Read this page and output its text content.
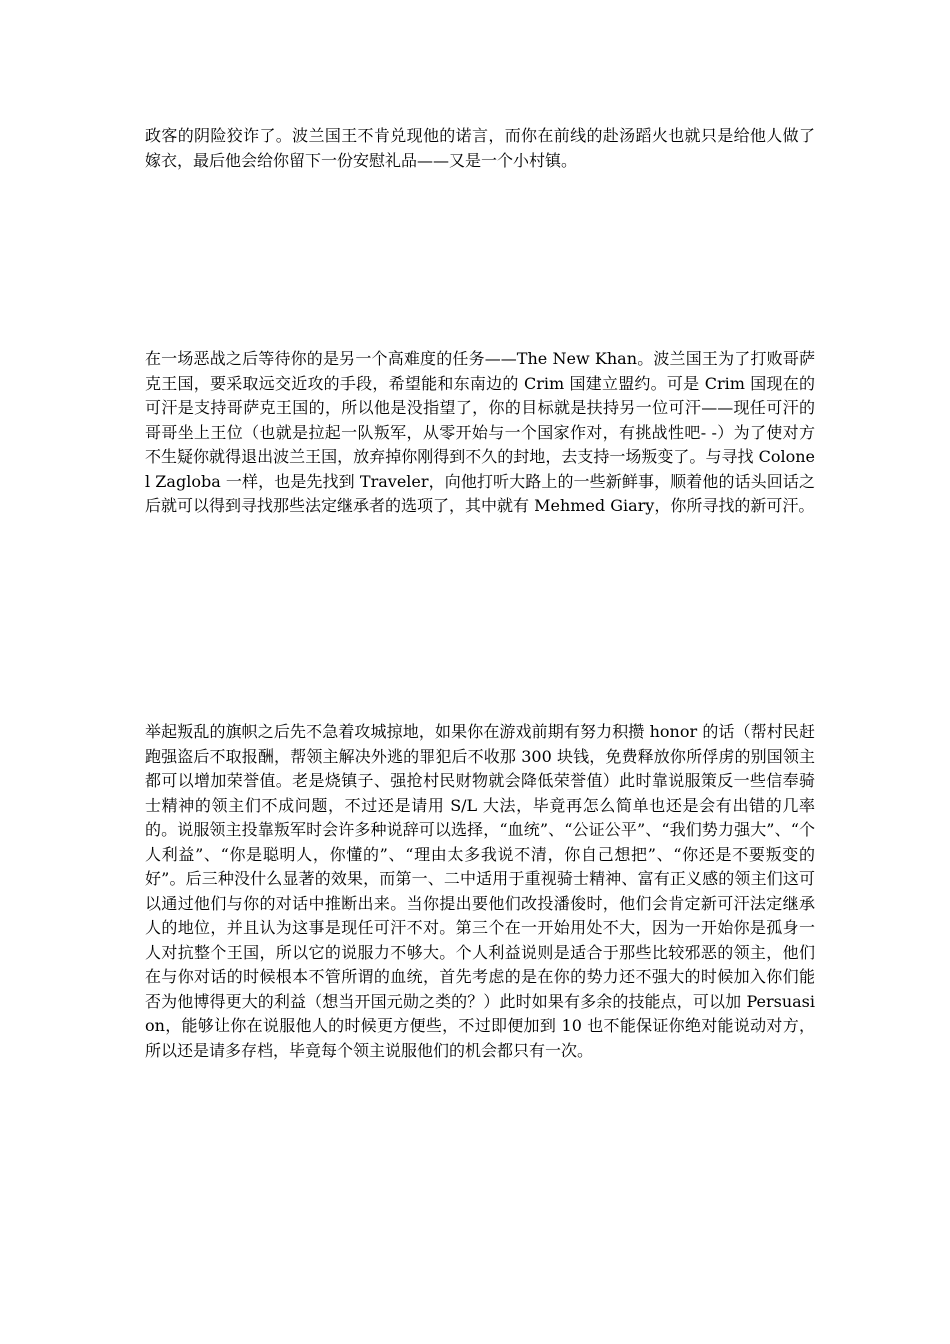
政客的阴险狡诈了。波兰国王不肯兑现他的诺言，而你在前线的赴汤蹈火也就只是给他人做了嫁衣，最后他会给你留下一份安慰礼品——又是一个小村镇。

在一场恶战之后等待你的是另一个高难度的任务——The New Khan。波兰国王为了打败哥萨克王国，要采取远交近攻的手段，希望能和东南边的 Crim 国建立盟约。可是 Crim 国现在的可汗是支持哥萨克王国的，所以他是没指望了，你的目标就是扶持另一位可汗——现任可汗的哥哥坐上王位（也就是拉起一队叛军，从零开始与一个国家作对，有挑战性吧- -）为了使对方不生疑你就得退出波兰王国，放弃掉你刚得到不久的封地，去支持一场叛变了。与寻找 Colonel Zagloba 一样，也是先找到 Traveler，向他打听大路上的一些新鲜事，顺着他的话头回话之后就可以得到寻找那些法定继承者的选项了，其中就有 Mehmed Giary，你所寻找的新可汗。

举起叛乱的旗帜之后先不急着攻城掠地，如果你在游戏前期有努力积攒 honor 的话（帮村民赶跑强盗后不取报酬，帮领主解决外逃的罪犯后不收那 300 块钱，免费释放你所俘虏的别国领主都可以增加荣誉值。老是烧镇子、强抢村民财物就会降低荣誉值）此时靠说服策反一些信奉骑士精神的领主们不成问题，不过还是请用 S/L 大法，毕竟再怎么简单也还是会有出错的几率的。说服领主投靠叛军时会许多种说辞可以选择，“血统”、“公证公平”、“我们势力强大”、“个人利益”、“你是聪明人，你懂的”、“理由太多我说不清，你自己想把”、“你还是不要叛变的好”。后三种没什么显著的效果，而第一、二中适用于重视骑士精神、富有正义感的领主们这可以通过他们与你的对话中推断出来。当你提出要他们改投潘俊时，他们会肯定新可汗法定继承人的地位，并且认为这事是现任可汗不对。第三个在一开始用处不大，因为一开始你是孤身一人对抗整个王国，所以它的说服力不够大。个人利益说则是适合于那些比较邪恶的领主，他们在与你对话的时候根本不管所谓的血统，首先考虑的是在你的势力还不强大的时候加入你们能否为他博得更大的利益（想当开国元勋之类的？）此时如果有多余的技能点，可以加 Persuasion，能够让你在说服他人的时候更方便些，不过即便加到 10 也不能保证你绝对能说动对方，所以还是请多存档，毕竟每个领主说服他们的机会都只有一次。
